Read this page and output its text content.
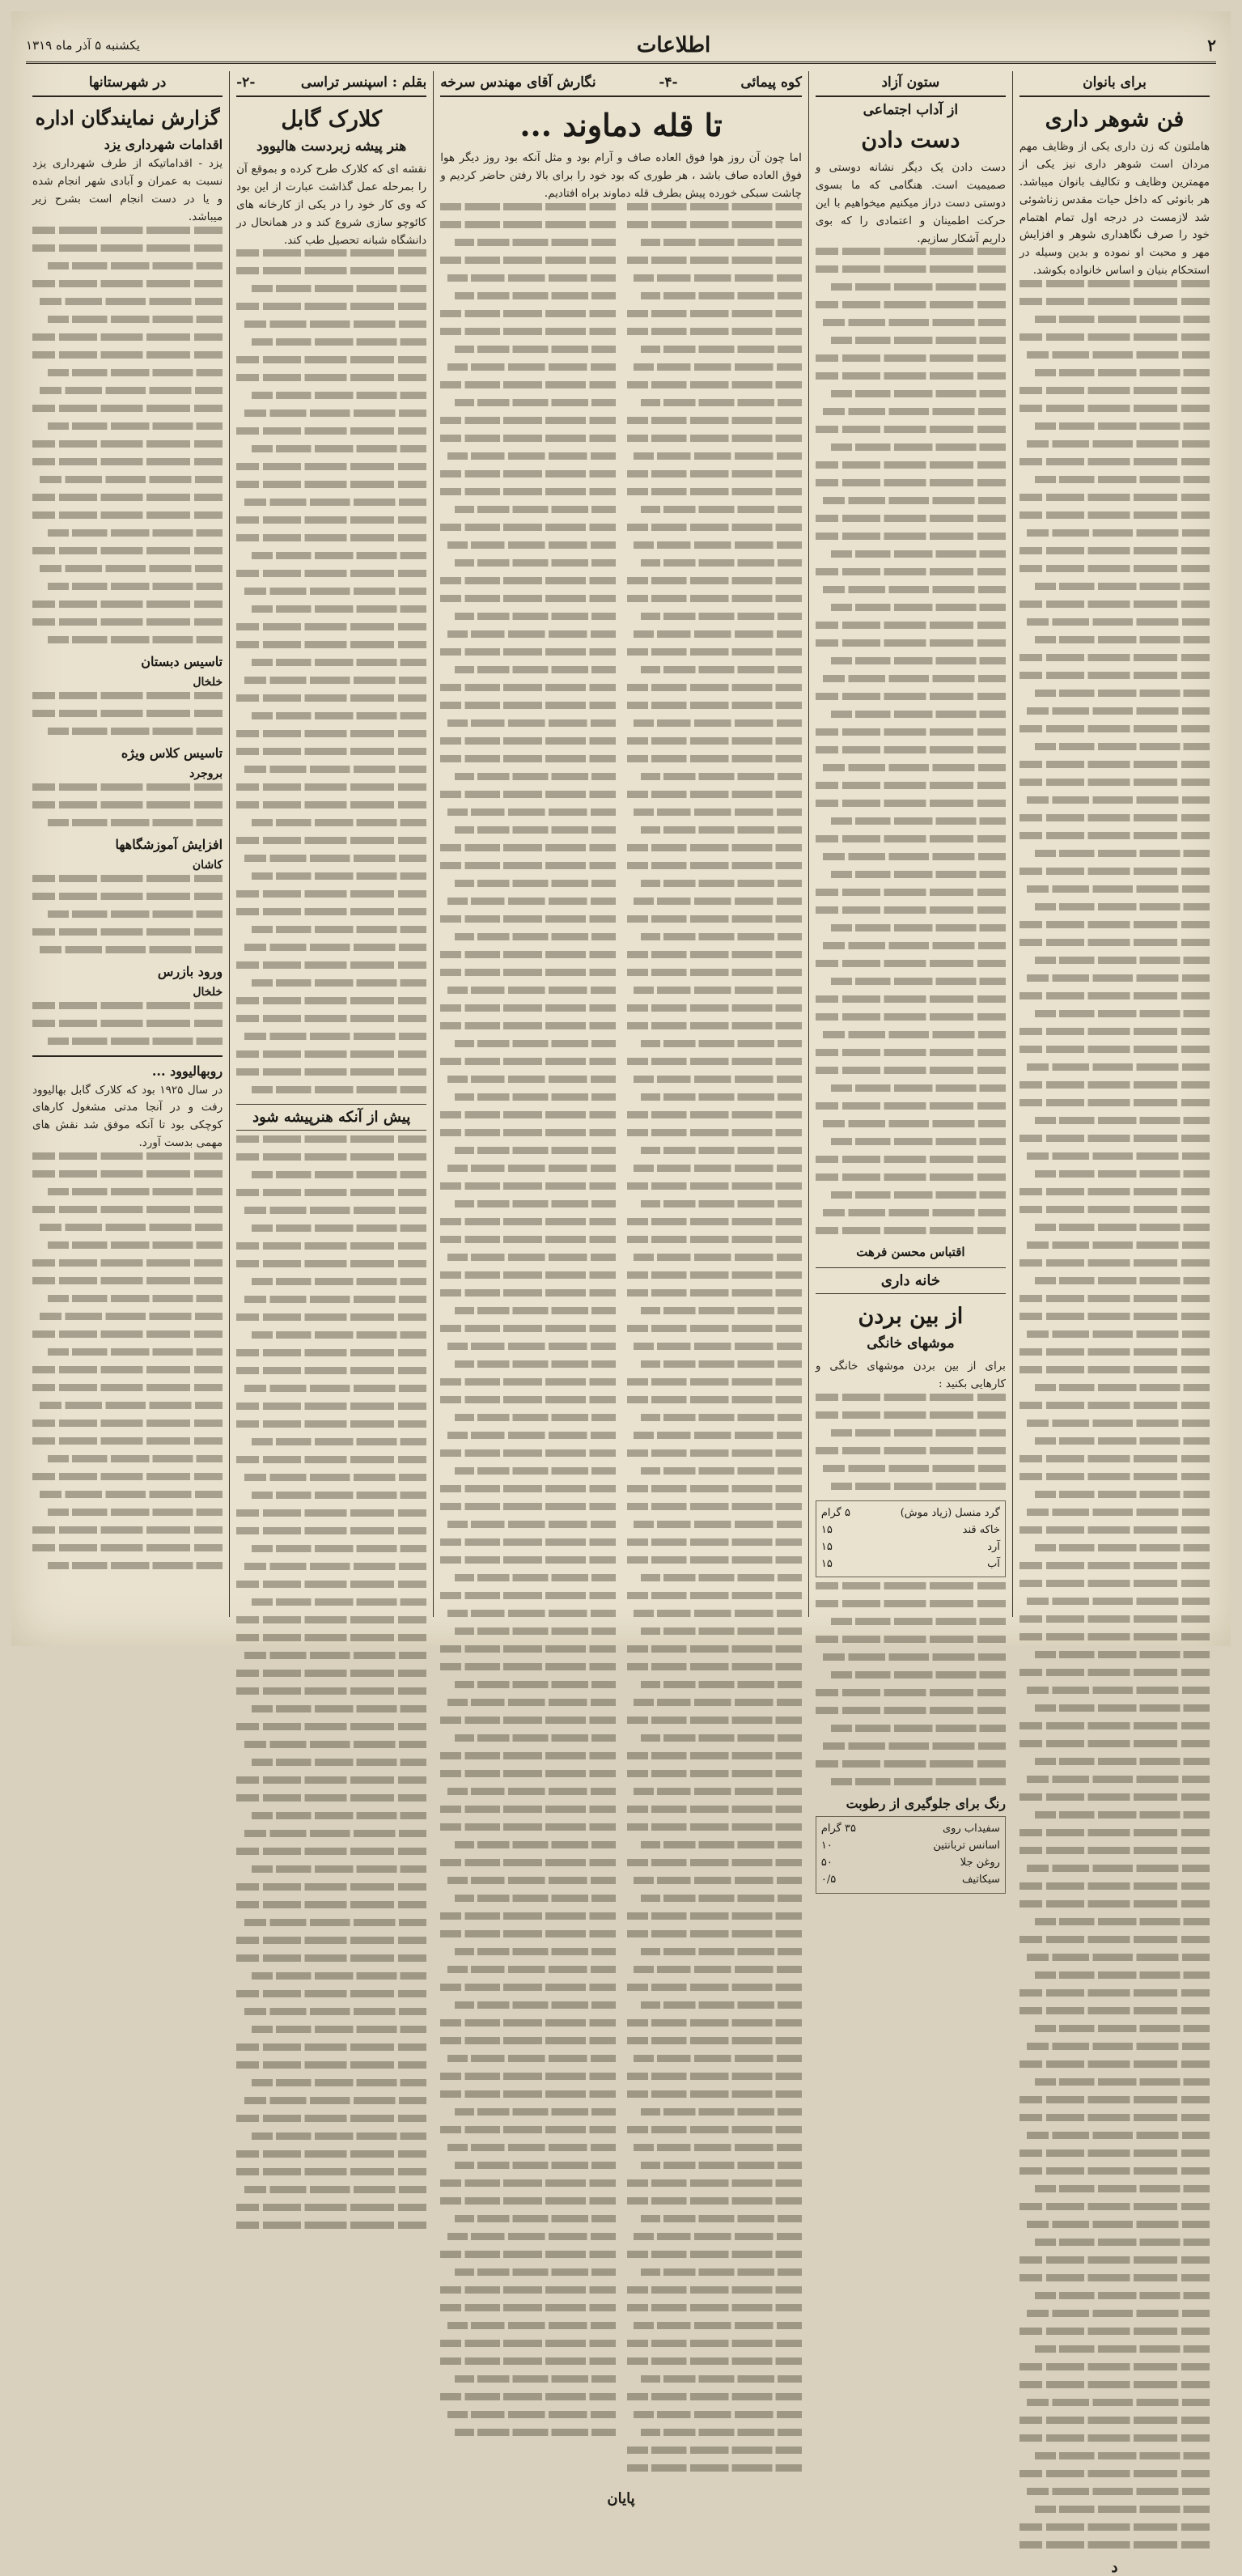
۲
اطلاعات
یکشنبه ۵ آذر ماه ۱۳۱۹
برای بانوان
فن شوهر داری
هاملتون که زن داری یکی از وظایف مهم مردان است شوهر داری نیز یکی از مهمترین وظایف و تکالیف بانوان میباشد. هر بانوئی که داخل حیات مقدس زناشوئی شد لازمست در درجه اول تمام اهتمام خود را صرف نگاهداری شوهر و افزایش مهر و محبت او نموده و بدین وسیله در استحکام بنیان و اساس خانواده بکوشد.
د
ستون آزاد
از آداب اجتماعی
دست دادن
دست دادن یک دیگر نشانه دوستی و صمیمیت است. هنگامی که ما بسوی دوستی دست دراز میکنیم میخواهیم با این حرکت اطمینان و اعتمادی را که بوی داریم آشکار سازیم.
اقتباس محسن فرهت
خانه داری
از بین بردن
موشهای خانگی
برای از بین بردن موشهای خانگی و کارهایی بکنید :
گرد منسل (زیاد موش)
۵ گرام
خاکه قند
۱۵
آرد
۱۵
آب
۱۵
رنگ برای جلوگیری از رطوبت
سفیداب روی
۳۵ گرام
اسانس تربانتین
۱۰
روغن جلا
۵۰
سیکاتیف
۰/۵
کوه پیمائی
-۴-
نگارش آقای مهندس سرخه
تا قله دماوند ...
اما چون آن روز هوا فوق العاده صاف و آرام بود و مثل آنکه بود روز دیگر هوا فوق العاده صاف باشد ، هر طوری که بود خود را برای بالا رفتن حاضر کردیم و چاشت سبکی خورده پیش بطرف قله دماوند براه افتادیم.
پایان
بقلم : اسپنسر تراسی
-۲-
کلارک گابل
هنر پیشه زبردست هالیوود
نقشه ای که کلارک طرح کرده و بموقع آن را بمرحله عمل گذاشت عبارت از این بود که وی کار خود را در یکی از کارخانه های کائوچو سازی شروع کند و در همانحال در دانشگاه شبانه تحصیل طب کند.
پیش از آنکه هنرپیشه شود
در شهرستانها
گزارش نمایندگان اداره
اقدامات شهرداری یزد
یزد - اقداماتیکه از طرف شهرداری یزد نسبت به عمران و آبادی شهر انجام شده و یا در دست انجام است بشرح زیر میباشد.
تاسیس دبستان
خلخال
تاسیس کلاس ویژه
بروجرد
افزایش آموزشگاهها
کاشان
ورود بازرس
خلخال
روبهالیوود ...
در سال ۱۹۲۵ بود که کلارک گابل بهالیوود رفت و در آنجا مدتی مشغول کارهای کوچکی بود تا آنکه موفق شد نقش های مهمی بدست آورد.
